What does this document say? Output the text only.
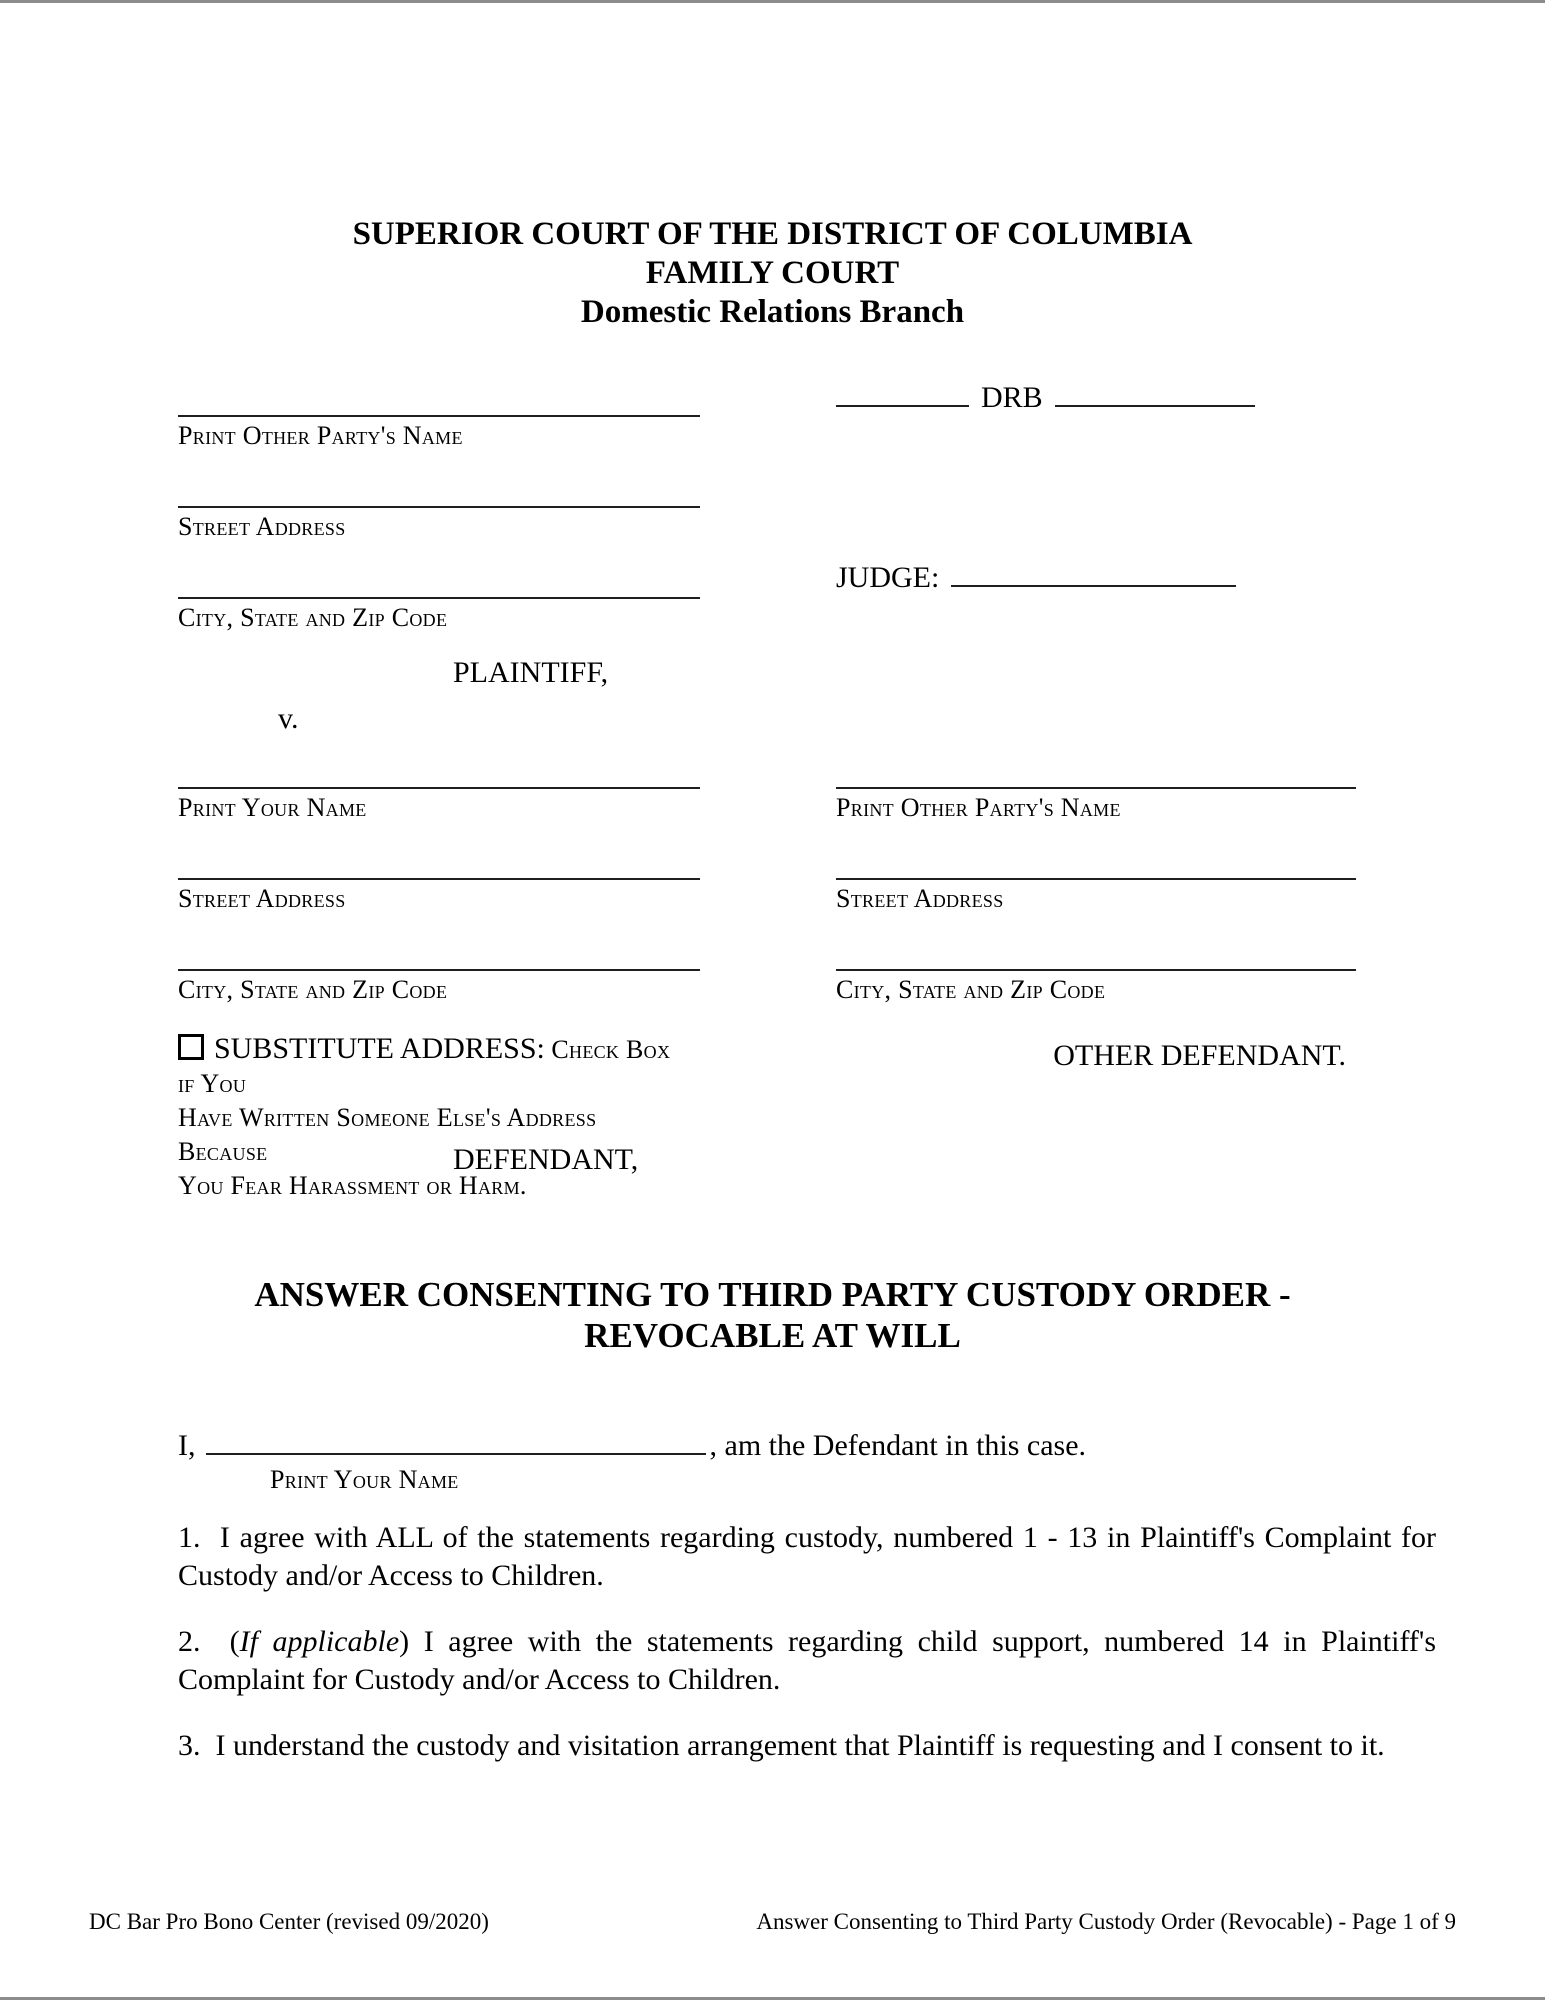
SUPERIOR COURT OF THE DISTRICT OF COLUMBIA
FAMILY COURT
Domestic Relations Branch
Print Other Party's Name
Street Address
City, State and Zip Code
PLAINTIFF,
v.
DRB
JUDGE:
Print Your Name
Street Address
City, State and Zip Code
SUBSTITUTE ADDRESS: Check Box if You
Have Written Someone Else's Address Because
You Fear Harassment or Harm.
DEFENDANT,
Print Other Party's Name
Street Address
City, State and Zip Code
OTHER DEFENDANT.
ANSWER CONSENTING TO THIRD PARTY CUSTODY ORDER - REVOCABLE AT WILL
I,	, am the Defendant in this case.
Print Your Name

1.  I agree with ALL of the statements regarding custody, numbered 1 - 13 in Plaintiff's Complaint for Custody and/or Access to Children.

2.  (If applicable) I agree with the statements regarding child support, numbered 14 in Plaintiff's Complaint for Custody and/or Access to Children.

3.  I understand the custody and visitation arrangement that Plaintiff is requesting and I consent to it.

DC Bar Pro Bono Center (revised 09/2020)	Answer Consenting to Third Party Custody Order (Revocable) - Page 1 of 9
